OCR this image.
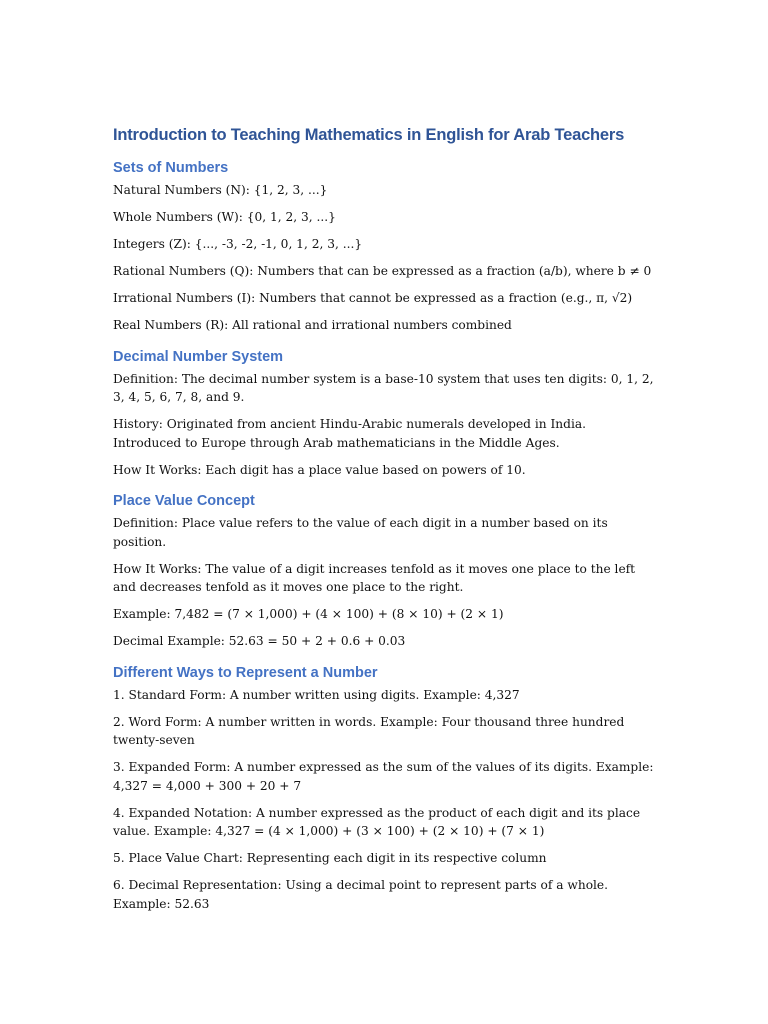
Introduction to Teaching Mathematics in English for Arab Teachers
Sets of Numbers

Natural Numbers (N): {1, 2, 3, ...}

Whole Numbers (W): {0, 1, 2, 3, ...}

Integers (Z): {..., -3, -2, -1, 0, 1, 2, 3, ...}

Rational Numbers (Q): Numbers that can be expressed as a fraction (a/b), where b ≠ 0

Irrational Numbers (I): Numbers that cannot be expressed as a fraction (e.g., π, √2)

Real Numbers (R): All rational and irrational numbers combined

Decimal Number System

Definition: The decimal number system is a base-10 system that uses ten digits: 0, 1, 2, 3, 4, 5, 6, 7, 8, and 9.

History: Originated from ancient Hindu-Arabic numerals developed in India. Introduced to Europe through Arab mathematicians in the Middle Ages.

How It Works: Each digit has a place value based on powers of 10.

Place Value Concept

Definition: Place value refers to the value of each digit in a number based on its position.

How It Works: The value of a digit increases tenfold as it moves one place to the left and decreases tenfold as it moves one place to the right.

Example: 7,482 = (7 × 1,000) + (4 × 100) + (8 × 10) + (2 × 1)

Decimal Example: 52.63 = 50 + 2 + 0.6 + 0.03

Different Ways to Represent a Number

1. Standard Form: A number written using digits. Example: 4,327

2. Word Form: A number written in words. Example: Four thousand three hundred twenty-seven

3. Expanded Form: A number expressed as the sum of the values of its digits. Example: 4,327 = 4,000 + 300 + 20 + 7

4. Expanded Notation: A number expressed as the product of each digit and its place value. Example: 4,327 = (4 × 1,000) + (3 × 100) + (2 × 10) + (7 × 1)

5. Place Value Chart: Representing each digit in its respective column

6. Decimal Representation: Using a decimal point to represent parts of a whole. Example: 52.63
